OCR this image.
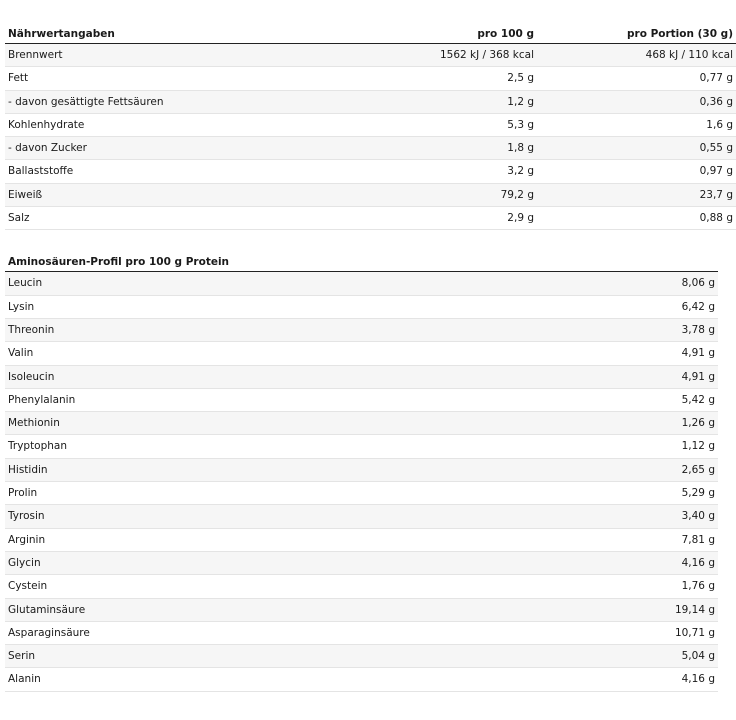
Nährwertangaben	pro 100 g	pro Portion (30 g)
Brennwert	1562 kJ / 368 kcal	468 kJ / 110 kcal
Fett	2,5 g	0,77 g
- davon gesättigte Fettsäuren	1,2 g	0,36 g
Kohlenhydrate	5,3 g	1,6 g
- davon Zucker	1,8 g	0,55 g
Ballaststoffe	3,2 g	0,97 g
Eiweiß	79,2 g	23,7 g
Salz	2,9 g	0,88 g
Aminosäuren-Profil pro 100 g Protein	
Leucin	8,06 g
Lysin	6,42 g
Threonin	3,78 g
Valin	4,91 g
Isoleucin	4,91 g
Phenylalanin	5,42 g
Methionin	1,26 g
Tryptophan	1,12 g
Histidin	2,65 g
Prolin	5,29 g
Tyrosin	3,40 g
Arginin	7,81 g
Glycin	4,16 g
Cystein	1,76 g
Glutaminsäure	19,14 g
Asparaginsäure	10,71 g
Serin	5,04 g
Alanin	4,16 g
